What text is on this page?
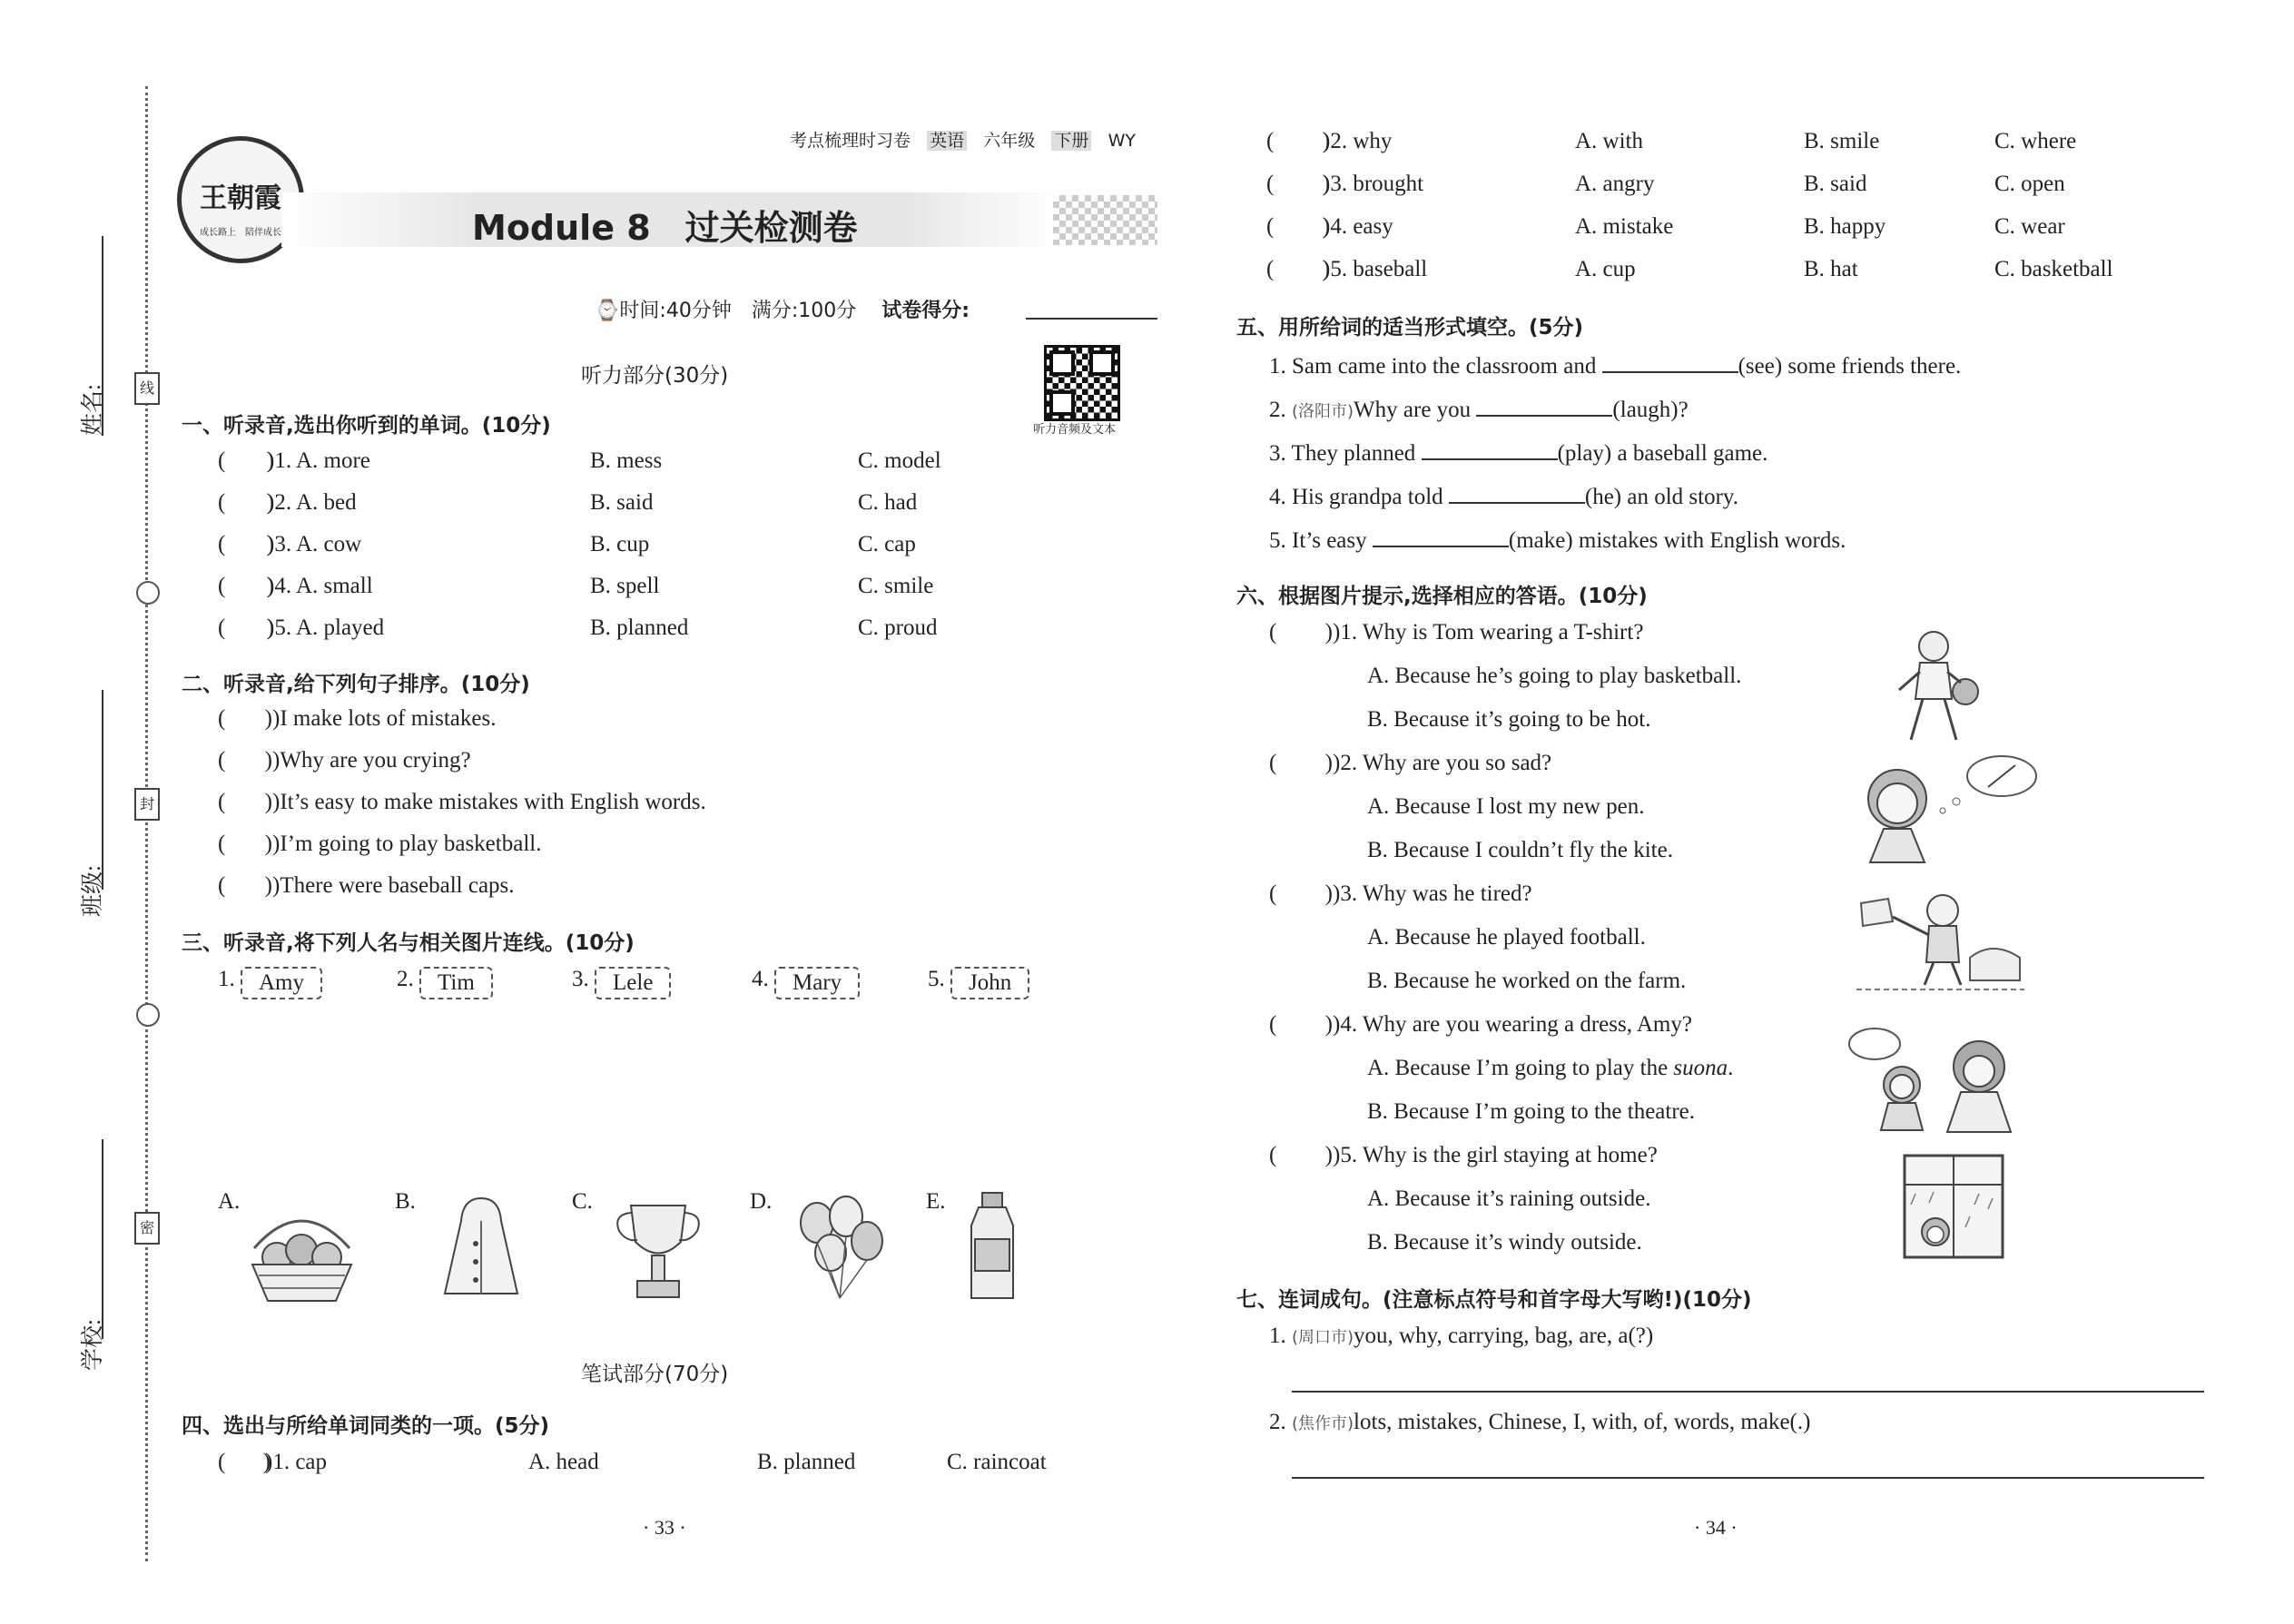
姓名:
班级:
学校:
线
封
密
王朝霞
成长路上　陪伴成长
考点梳理时习卷 英语 六年级 下册 WY
Module 8　过关检测卷
⌚时间:40分钟　满分:100分 试卷得分:
听力音频及文本
听力部分(30分)
一、听录音,选出你听到的单词。(10分)
( )
)1. A. more	B. mess	C. model
( )
)2. A. bed	B. said	C. had
( )
)3. A. cow	B. cup	C. cap
( )
)4. A. small	B. spell	C. smile
( )
)5. A. played	B. planned	C. proud
二、听录音,给下列句子排序。(10分)
( ))I make lots of mistakes.
( ))Why are you crying?
( ))It’s easy to make mistakes with English words.
( ))I’m going to play basketball.
( ))There were baseball caps.
三、听录音,将下列人名与相关图片连线。(10分)
1. Amy	2. Tim	3. Lele	4. Mary	5. John
A.	B.	C.	D.	E.
笔试部分(70分)
四、选出与所给单词同类的一项。(5分)
( )
)1. cap	A. head	B. planned	C. raincoat
· 33 ·
( )
)2. why	A. with	B. smile	C. where
( )
)3. brought	A. angry	B. said	C. open
( )
)4. easy	A. mistake	B. happy	C. wear
( )
)5. baseball	A. cup	B. hat	C. basketball
五、用所给词的适当形式填空。(5分)
1. Sam came into the classroom and	(see) some friends there.
2. (洛阳市)Why are you	(laugh)?
3. They planned	(play) a baseball game.
4. His grandpa told	(he) an old story.
5. It’s easy	(make) mistakes with English words.
六、根据图片提示,选择相应的答语。(10分)
( ))1. Why is Tom wearing a T-shirt?
A. Because he’s going to play basketball.
B. Because it’s going to be hot.
( ))2. Why are you so sad?
A. Because I lost my new pen.
B. Because I couldn’t fly the kite.
( ))3. Why was he tired?
A. Because he played football.
B. Because he worked on the farm.
( ))4. Why are you wearing a dress, Amy?
A. Because I’m going to play the suona.
B. Because I’m going to the theatre.
( ))5. Why is the girl staying at home?
A. Because it’s raining outside.
B. Because it’s windy outside.
七、连词成句。(注意标点符号和首字母大写哟!)(10分)
1. (周口市)you, why, carrying, bag, are, a(?)
2. (焦作市)lots, mistakes, Chinese, I, with, of, words, make(.)
· 34 ·
